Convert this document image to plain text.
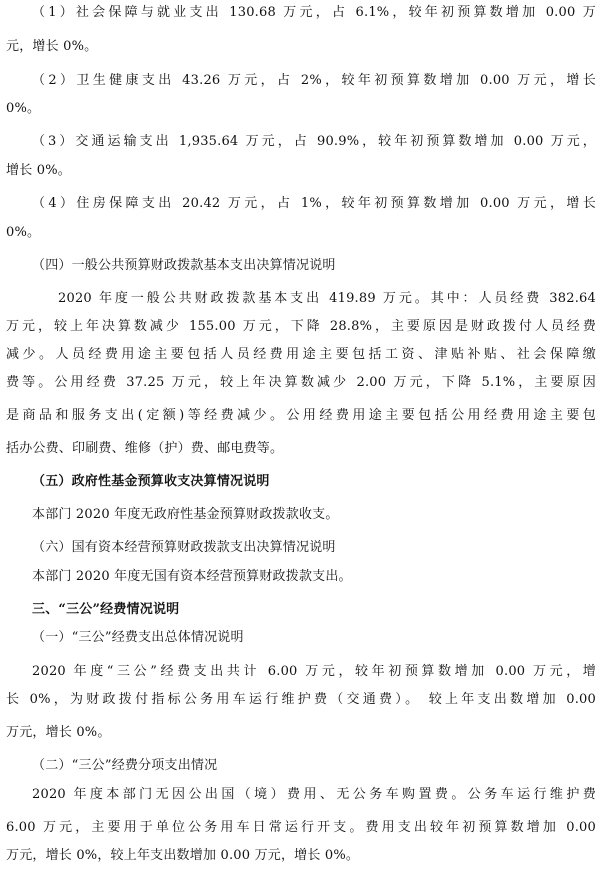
（1）社会保障与就业支出 130.68 万元，占 6.1%，较年初预算数增加 0.00 万
元，增长 0%。
（2）卫生健康支出 43.26 万元，占 2%，较年初预算数增加 0.00 万元，增长
0%。
（3）交通运输支出 1,935.64 万元，占 90.9%，较年初预算数增加 0.00 万元，
增长 0%。
（4）住房保障支出 20.42 万元，占 1%，较年初预算数增加 0.00 万元，增长
0%。
（四）一般公共预算财政拨款基本支出决算情况说明
2020 年度一般公共财政拨款基本支出 419.89 万元。其中：人员经费 382.64
万元，较上年决算数减少 155.00 万元，下降 28.8%，主要原因是财政拨付人员经费
减少。人员经费用途主要包括人员经费用途主要包括工资、津贴补贴、社会保障缴
费等。公用经费 37.25 万元，较上年决算数减少 2.00 万元，下降 5.1%，主要原因
是商品和服务支出(定额)等经费减少。公用经费用途主要包括公用经费用途主要包
括办公费、印刷费、维修（护）费、邮电费等。
（五）政府性基金预算收支决算情况说明
本部门 2020 年度无政府性基金预算财政拨款收支。
（六）国有资本经营预算财政拨款支出决算情况说明
本部门 2020 年度无国有资本经营预算财政拨款支出。
三、“三公”经费情况说明
（一）“三公”经费支出总体情况说明
2020 年度“三公”经费支出共计 6.00 万元，较年初预算数增加 0.00 万元，增
长 0%，为财政拨付指标公务用车运行维护费（交通费）。 较上年支出数增加 0.00
万元，增长 0%。
（二）“三公”经费分项支出情况
2020 年度本部门无因公出国（境）费用、无公务车购置费。公务车运行维护费
6.00 万元，主要用于单位公务用车日常运行开支。费用支出较年初预算数增加 0.00
万元，增长 0%，较上年支出数增加 0.00 万元，增长 0%。
